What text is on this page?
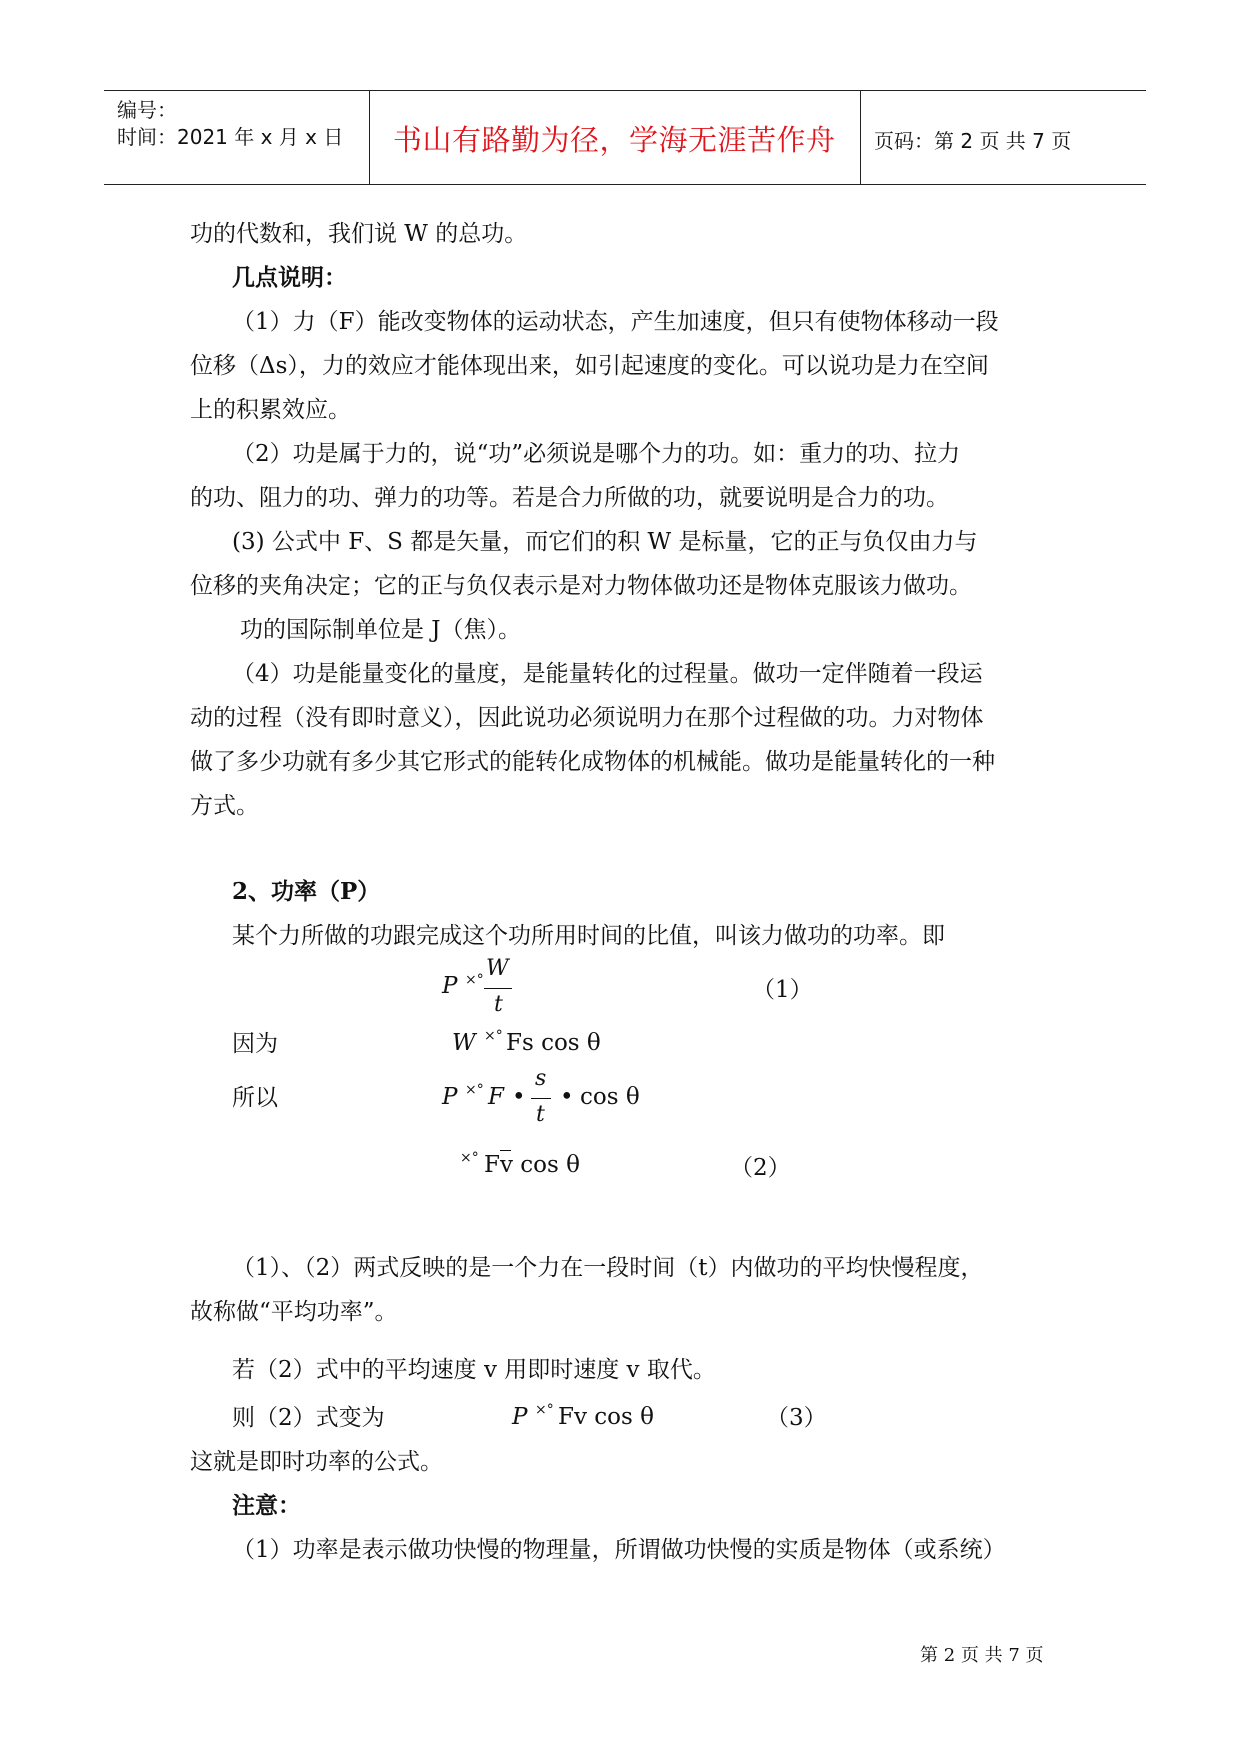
编号：
时间：2021 年 x 月 x 日 书山有路勤为径，学海无涯苦作舟 页码：第 2 页 共 7 页
功的代数和，我们说 W 的总功。
几点说明：
（1）力（F）能改变物体的运动状态，产生加速度，但只有使物体移动一段
位移（Δs），力的效应才能体现出来，如引起速度的变化。可以说功是力在空间
上的积累效应。
（2）功是属于力的，说“功”必须说是哪个力的功。如：重力的功、拉力
的功、阻力的功、弹力的功等。若是合力所做的功，就要说明是合力的功。
(3) 公式中 F、S 都是矢量，而它们的积 W 是标量，它的正与负仅由力与
位移的夹角决定；它的正与负仅表示是对力物体做功还是物体克服该力做功。
功的国际制单位是 J（焦）。
（4）功是能量变化的量度，是能量转化的过程量。做功一定伴随着一段运
动的过程（没有即时意义），因此说功必须说明力在那个过程做的功。力对物体
做了多少功就有多少其它形式的能转化成物体的机械能。做功是能量转化的一种
方式。
2、功率（P）
某个力所做的功跟完成这个功所用时间的比值，叫该力做功的功率。即
P ×° W
t
（1）
因为	W ×° Fs cos θ
所以	P ×° F •
s
t
• cos θ
×° Fv cos θ	（2）
（1）、（2）两式反映的是一个力在一段时间（t）内做功的平均快慢程度，
故称做“平均功率”。
若（2）式中的平均速度 v 用即时速度 v 取代。
则（2）式变为	P ×° Fv cos θ	（3）
这就是即时功率的公式。
注意：
（1）功率是表示做功快慢的物理量，所谓做功快慢的实质是物体（或系统）
第 2 页 共 7 页
